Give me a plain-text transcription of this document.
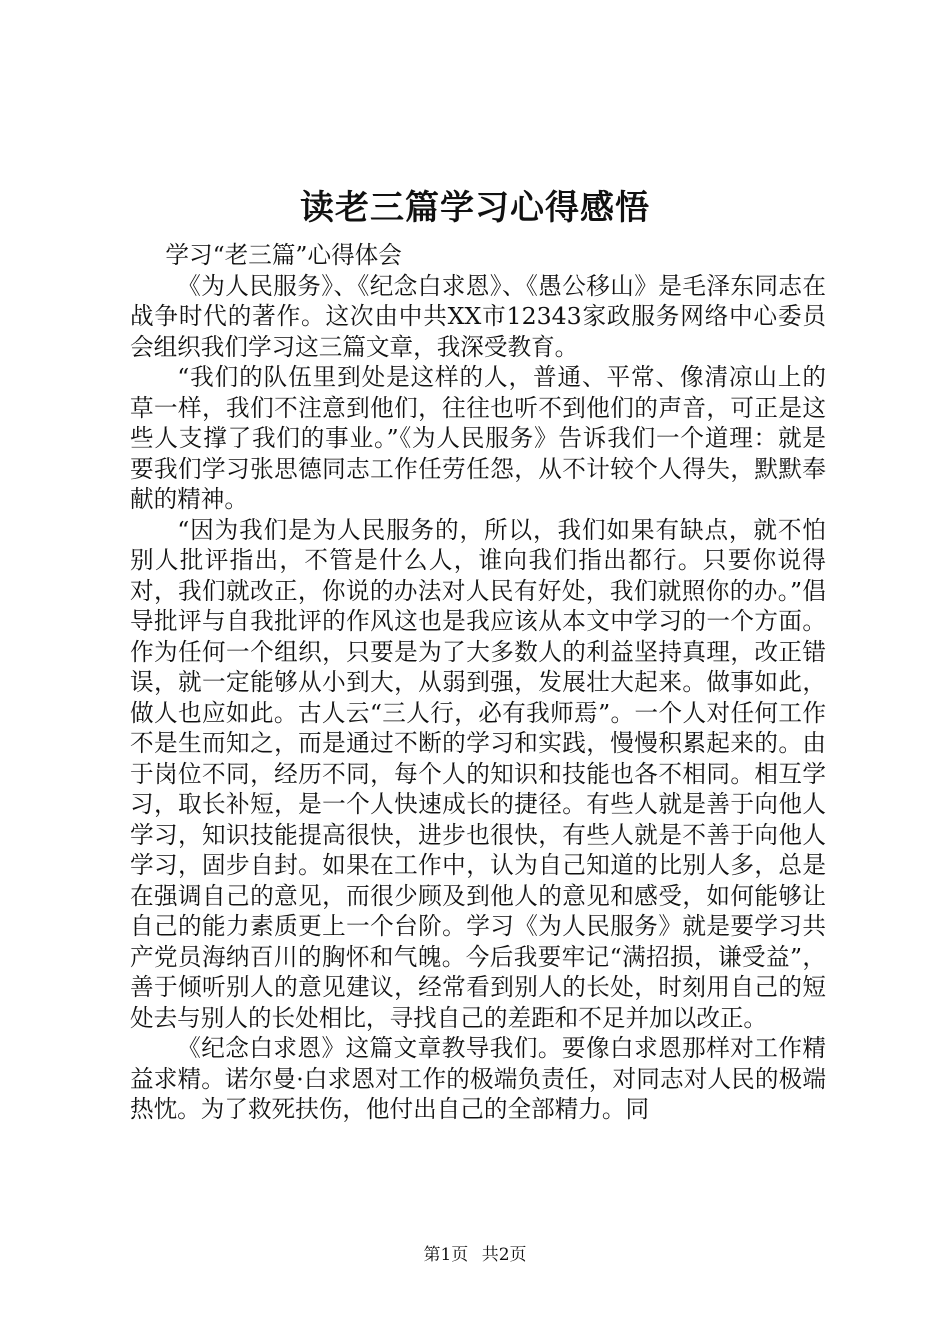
读老三篇学习心得感悟

学习“老三篇”心得体会

《为人民服务》、《纪念白求恩》、《愚公移山》是毛泽东同志在战争时代的著作。这次由中共XX市12343家政服务网络中心委员会组织我们学习这三篇文章，我深受教育。

“我们的队伍里到处是这样的人，普通、平常、像清凉山上的草一样，我们不注意到他们，往往也听不到他们的声音，可正是这些人支撑了我们的事业。”《为人民服务》告诉我们一个道理：就是要我们学习张思德同志工作任劳任怨，从不计较个人得失，默默奉献的精神。

“因为我们是为人民服务的，所以，我们如果有缺点，就不怕别人批评指出，不管是什么人，谁向我们指出都行。只要你说得对，我们就改正，你说的办法对人民有好处，我们就照你的办。”倡导批评与自我批评的作风这也是我应该从本文中学习的一个方面。作为任何一个组织，只要是为了大多数人的利益坚持真理，改正错误，就一定能够从小到大，从弱到强，发展壮大起来。做事如此，做人也应如此。古人云“三人行，必有我师焉”。一个人对任何工作不是生而知之，而是通过不断的学习和实践，慢慢积累起来的。由于岗位不同，经历不同，每个人的知识和技能也各不相同。相互学习，取长补短，是一个人快速成长的捷径。有些人就是善于向他人学习，知识技能提高很快，进步也很快，有些人就是不善于向他人学习，固步自封。如果在工作中，认为自己知道的比别人多，总是在强调自己的意见，而很少顾及到他人的意见和感受，如何能够让自己的能力素质更上一个台阶。学习《为人民服务》就是要学习共产党员海纳百川的胸怀和气魄。今后我要牢记“满招损，谦受益”，善于倾听别人的意见建议，经常看到别人的长处，时刻用自己的短处去与别人的长处相比，寻找自己的差距和不足并加以改正。

《纪念白求恩》这篇文章教导我们。要像白求恩那样对工作精益求精。诺尔曼·白求恩对工作的极端负责任，对同志对人民的极端热忱。为了救死扶伤，他付出自己的全部精力。同

第1页 共2页
